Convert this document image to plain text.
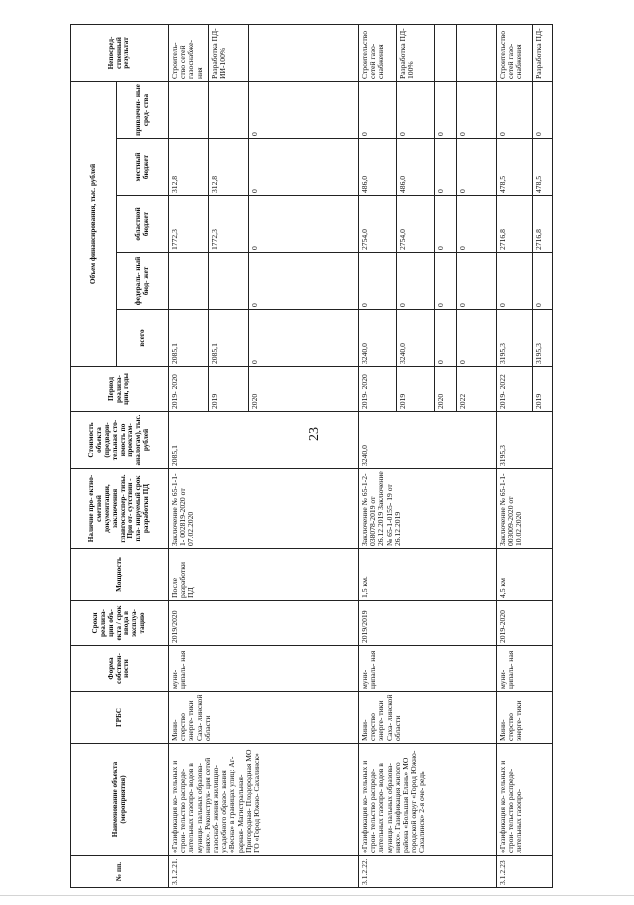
23
№ пп.	Наименование объекта (мероприятия)	ГРБС	Форма собствен- ности	Сроки реализа- ции объ- екта / срок ввода в эксплуа- тацию	Мощность	Наличие про- ектно-сметной документации, заключения главгосэкспер- тизы. При от- сутствии - пла- нируемый срок разработки ПД	Стоимость объекта (предвари- тельная сто- имость по проектам- аналогам), тыс. рублей	Период реализа- ции, годы	Объем финансирования, тыс. рублей					Непосред- ственный результат
									всего	федераль- ный бюд- жет	областной бюджет	местный бюджет	привлечен- ные сред- ства	
3.1.2.21.	«Газификация ко- тельных и строи- тельство распреде- лительных газопро- водов в муници- пальных образова- ниях». Реконструк- ция сетей газоснаб- жения жилищно- усадебного образо- вания «Весна» в границах улиц: Аг- рарная- Магистральная- Пригородная- Плодородная МО ГО «Город Южно- Сахалинск»	Мини- стерство энерге- тики Саха- линской области	муни- ципаль- ная	2019/2020	После разработки ПД	Заключение № 65-1-1-1- 002819-2020 от 07.02.2020	2085,1	2019- 2020	2085,1		1772,3	312,8		Строитель- ство сетей газоснабже- ния
								2019	2085,1		1772,3	312,8		Разработка ПД- ИИ-100%
								2020	0	0	0	0	0	
3.1.2.22.	«Газификация ко- тельных и строи- тельство распреде- лительных газопро- водов в муници- пальных образова- ниях». Газификация жилого района «Большая Елань» МО городской округ «Город Южно- Сахалинск» 2-я оче- редь	Мини- стерство энерге- тики Саха- линской области	муни- ципаль- ная	2019/2019	1,5 км.	Заключение № 65-1-2-038078-2019 от 26.12.2019 Заключение № 65-1-0155- 19 от 26.12.2019	3240,0	2019- 2020	3240,0	0	2754,0	486,0	0	Строительство сетей газо- снабжения
								2019	3240,0	0	2754,0	486,0	0	Разработка ПД- 100%
								2020	0	0	0	0	0	
								2022	0	0	0	0	0	
3.1.2.23	«Газификация ко- тельных и строи- тельство распреде- лительных газопро-	Мини- стерство энерге- тики	муни- ципаль- ная	2019-2020	4,5 км	Заключение № 65-1-1- 003009-2020 от 10.02.2020	3195,3	2019- 2022	3195,3	0	2716,8	478,5	0	Строительство сетей газо- снабжения
								2019	3195,3	0	2716,8	478,5	0	Разработка ПД-
